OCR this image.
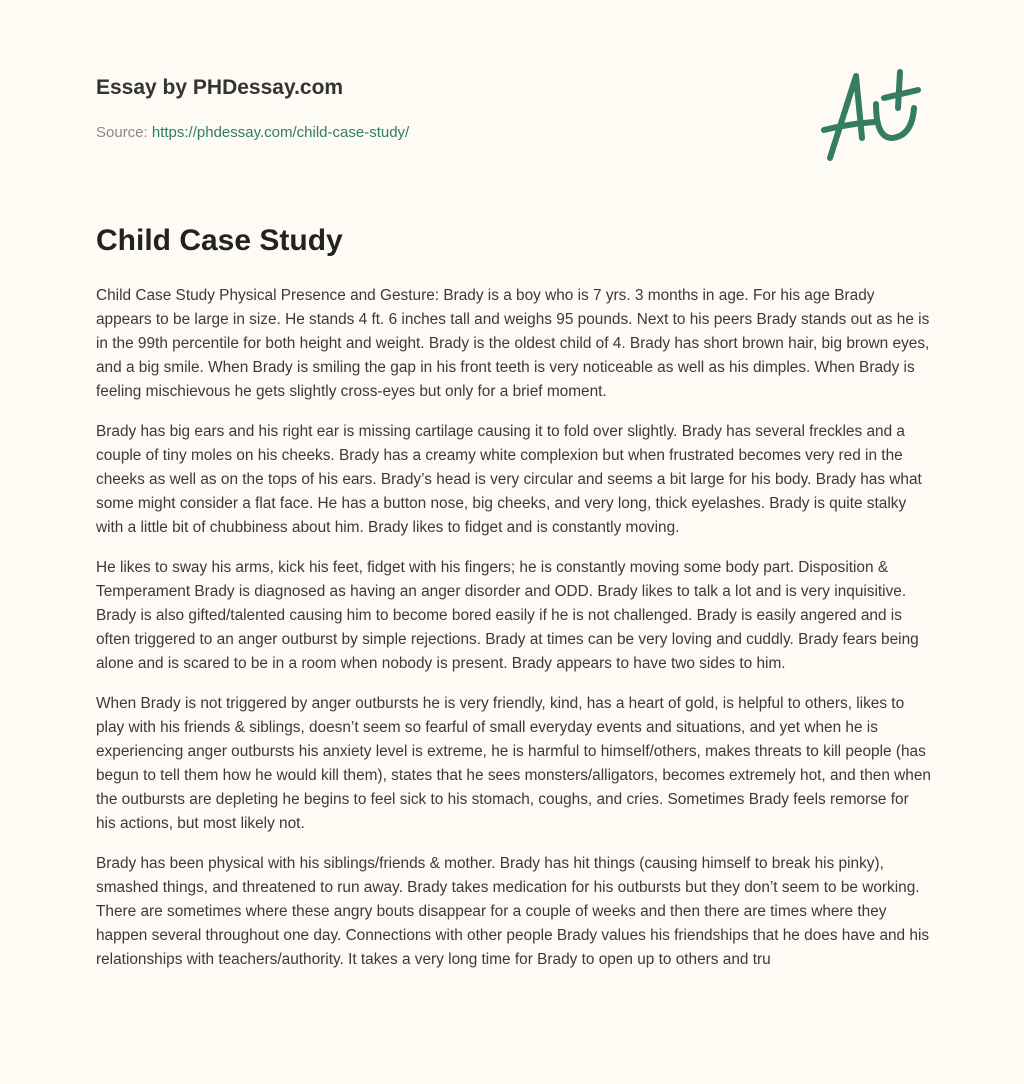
Essay by PHDessay.com
Source: https://phdessay.com/child-case-study/
Child Case Study

Child Case Study Physical Presence and Gesture: Brady is a boy who is 7 yrs. 3 months in age. For his age Brady appears to be large in size. He stands 4 ft. 6 inches tall and weighs 95 pounds. Next to his peers Brady stands out as he is in the 99th percentile for both height and weight. Brady is the oldest child of 4. Brady has short brown hair, big brown eyes, and a big smile. When Brady is smiling the gap in his front teeth is very noticeable as well as his dimples. When Brady is feeling mischievous he gets slightly cross-eyes but only for a brief moment.

Brady has big ears and his right ear is missing cartilage causing it to fold over slightly. Brady has several freckles and a couple of tiny moles on his cheeks. Brady has a creamy white complexion but when frustrated becomes very red in the cheeks as well as on the tops of his ears. Brady’s head is very circular and seems a bit large for his body. Brady has what some might consider a flat face. He has a button nose, big cheeks, and very long, thick eyelashes. Brady is quite stalky with a little bit of chubbiness about him. Brady likes to fidget and is constantly moving.

He likes to sway his arms, kick his feet, fidget with his fingers; he is constantly moving some body part. Disposition & Temperament Brady is diagnosed as having an anger disorder and ODD. Brady likes to talk a lot and is very inquisitive. Brady is also gifted/talented causing him to become bored easily if he is not challenged. Brady is easily angered and is often triggered to an anger outburst by simple rejections. Brady at times can be very loving and cuddly. Brady fears being alone and is scared to be in a room when nobody is present. Brady appears to have two sides to him.

When Brady is not triggered by anger outbursts he is very friendly, kind, has a heart of gold, is helpful to others, likes to play with his friends & siblings, doesn’t seem so fearful of small everyday events and situations, and yet when he is experiencing anger outbursts his anxiety level is extreme, he is harmful to himself/others, makes threats to kill people (has begun to tell them how he would kill them), states that he sees monsters/alligators, becomes extremely hot, and then when the outbursts are depleting he begins to feel sick to his stomach, coughs, and cries. Sometimes Brady feels remorse for his actions, but most likely not.

Brady has been physical with his siblings/friends & mother. Brady has hit things (causing himself to break his pinky), smashed things, and threatened to run away. Brady takes medication for his outbursts but they don’t seem to be working. There are sometimes where these angry bouts disappear for a couple of weeks and then there are times where they happen several throughout one day. Connections with other people Brady values his friendships that he does have and his relationships with teachers/authority. It takes a very long time for Brady to open up to others and tru
